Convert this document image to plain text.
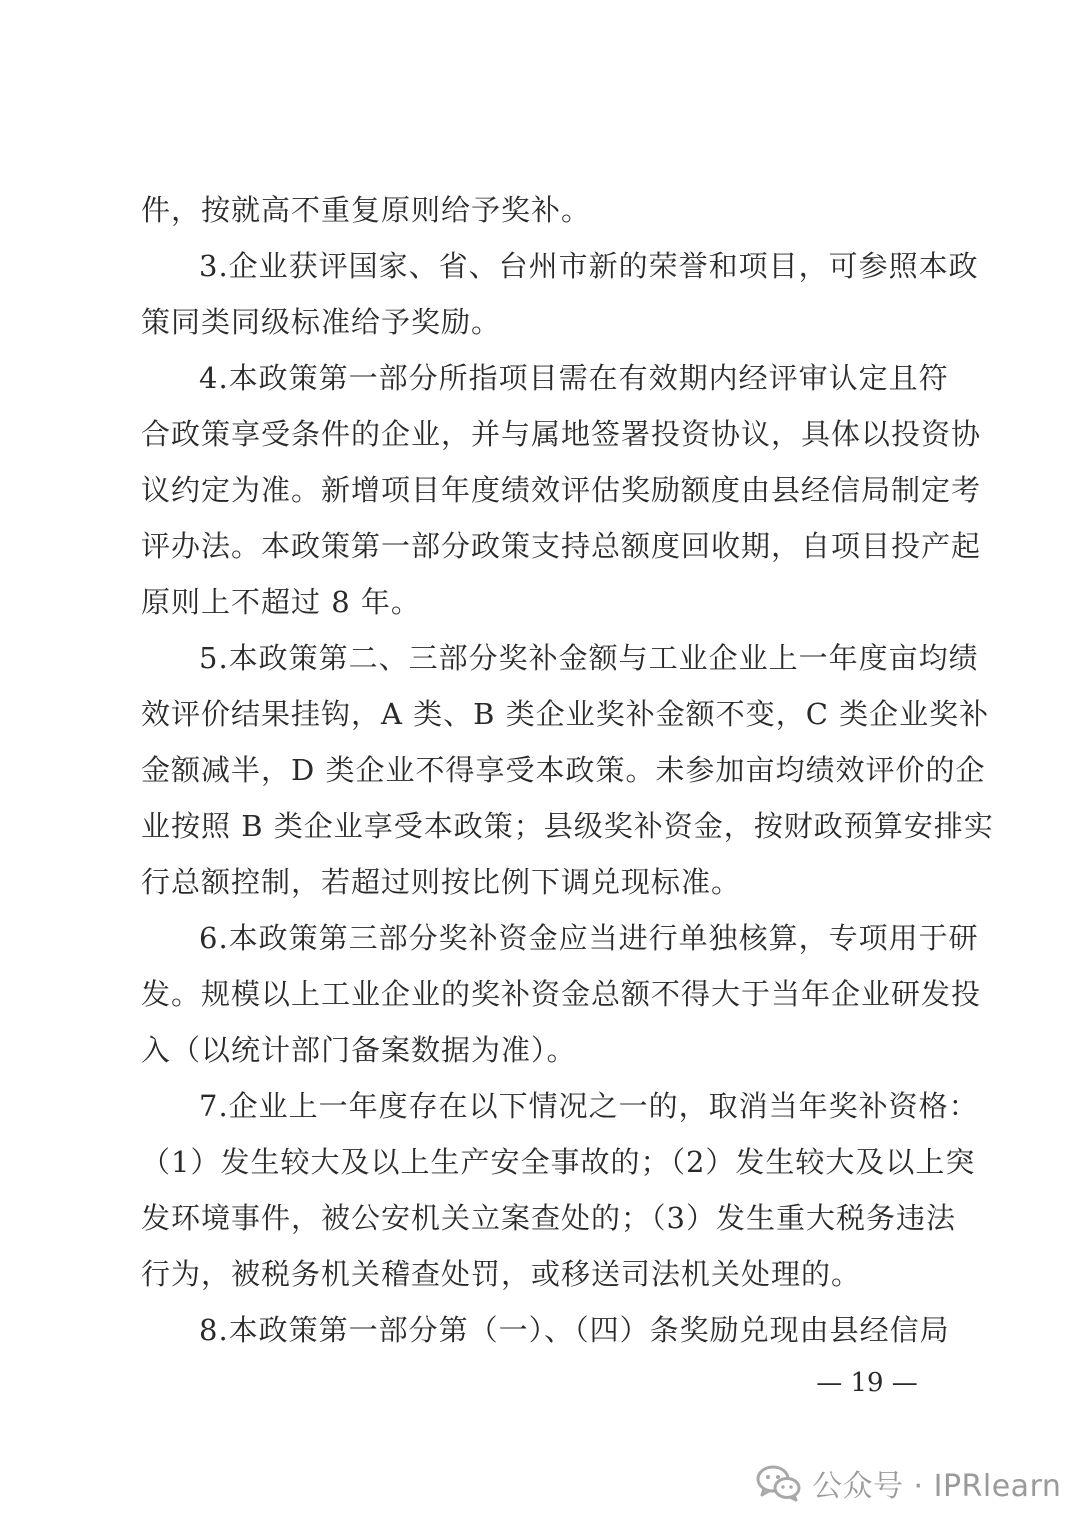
件，按就高不重复原则给予奖补。
3.企业获评国家、省、台州市新的荣誉和项目，可参照本政
策同类同级标准给予奖励。
4.本政策第一部分所指项目需在有效期内经评审认定且符
合政策享受条件的企业，并与属地签署投资协议，具体以投资协
议约定为准。新增项目年度绩效评估奖励额度由县经信局制定考
评办法。本政策第一部分政策支持总额度回收期，自项目投产起
原则上不超过 8 年。
5.本政策第二、三部分奖补金额与工业企业上一年度亩均绩
效评价结果挂钩，A 类、B 类企业奖补金额不变，C 类企业奖补
金额减半，D 类企业不得享受本政策。未参加亩均绩效评价的企
业按照 B 类企业享受本政策；县级奖补资金，按财政预算安排实
行总额控制，若超过则按比例下调兑现标准。
6.本政策第三部分奖补资金应当进行单独核算，专项用于研
发。规模以上工业企业的奖补资金总额不得大于当年企业研发投
入（以统计部门备案数据为准）。
7.企业上一年度存在以下情况之一的，取消当年奖补资格：
（1）发生较大及以上生产安全事故的；（2）发生较大及以上突
发环境事件，被公安机关立案查处的；（3）发生重大税务违法
行为，被税务机关稽查处罚，或移送司法机关处理的。
8.本政策第一部分第（一）、（四）条奖励兑现由县经信局
— 19 —
公众号 · IPRlearn
